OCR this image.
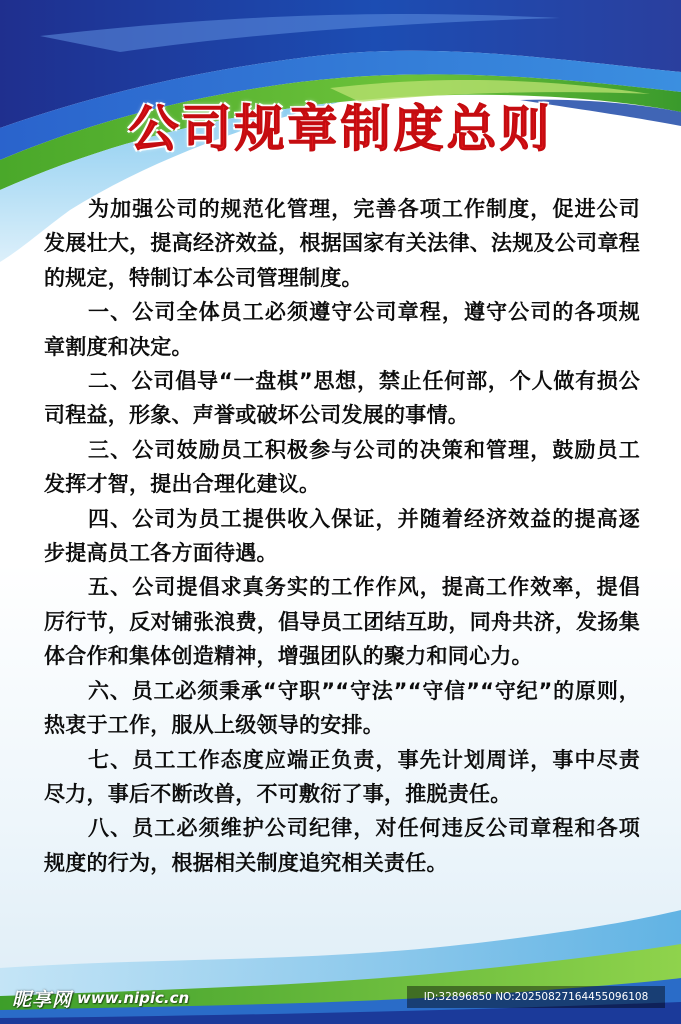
公司规章制度总则

为加强公司的规范化管理，完善各项工作制度，促进公司发展壮大，提高经济效益，根据国家有关法律、法规及公司章程的规定，特制订本公司管理制度。

一、公司全体员工必须遵守公司章程，遵守公司的各项规章割度和决定。

二、公司倡导“一盘棋”思想，禁止任何部，个人做有损公司程益，形象、声誉或破坏公司发展的事情。

三、公司妓励员工积极参与公司的决策和管理，鼓励员工发挥才智，提出合理化建议。

四、公司为员工提供收入保证，并随着经济效益的提高逐步提高员工各方面待遇。

五、公司提倡求真务实的工作作风，提高工作效率，提倡厉行节，反对铺张浪费，倡导员工团结互助，同舟共济，发扬集体合作和集体创造精神，增强团队的聚力和同心力。

六、员工必须秉承“守职”“守法”“守信”“守纪”的原则，热衷于工作，服从上级领导的安排。

七、员工工作态度应端正负责，事先计划周详，事中尽责尽力，事后不断改兽，不可敷衍了事，推脱责任。

八、员工必须维护公司纪律，对任何违反公司章程和各项规度的行为，根据相关制度追究相关责任。

昵享网 www.nipic.cn	ID:32896850 NO:20250827164455096108
